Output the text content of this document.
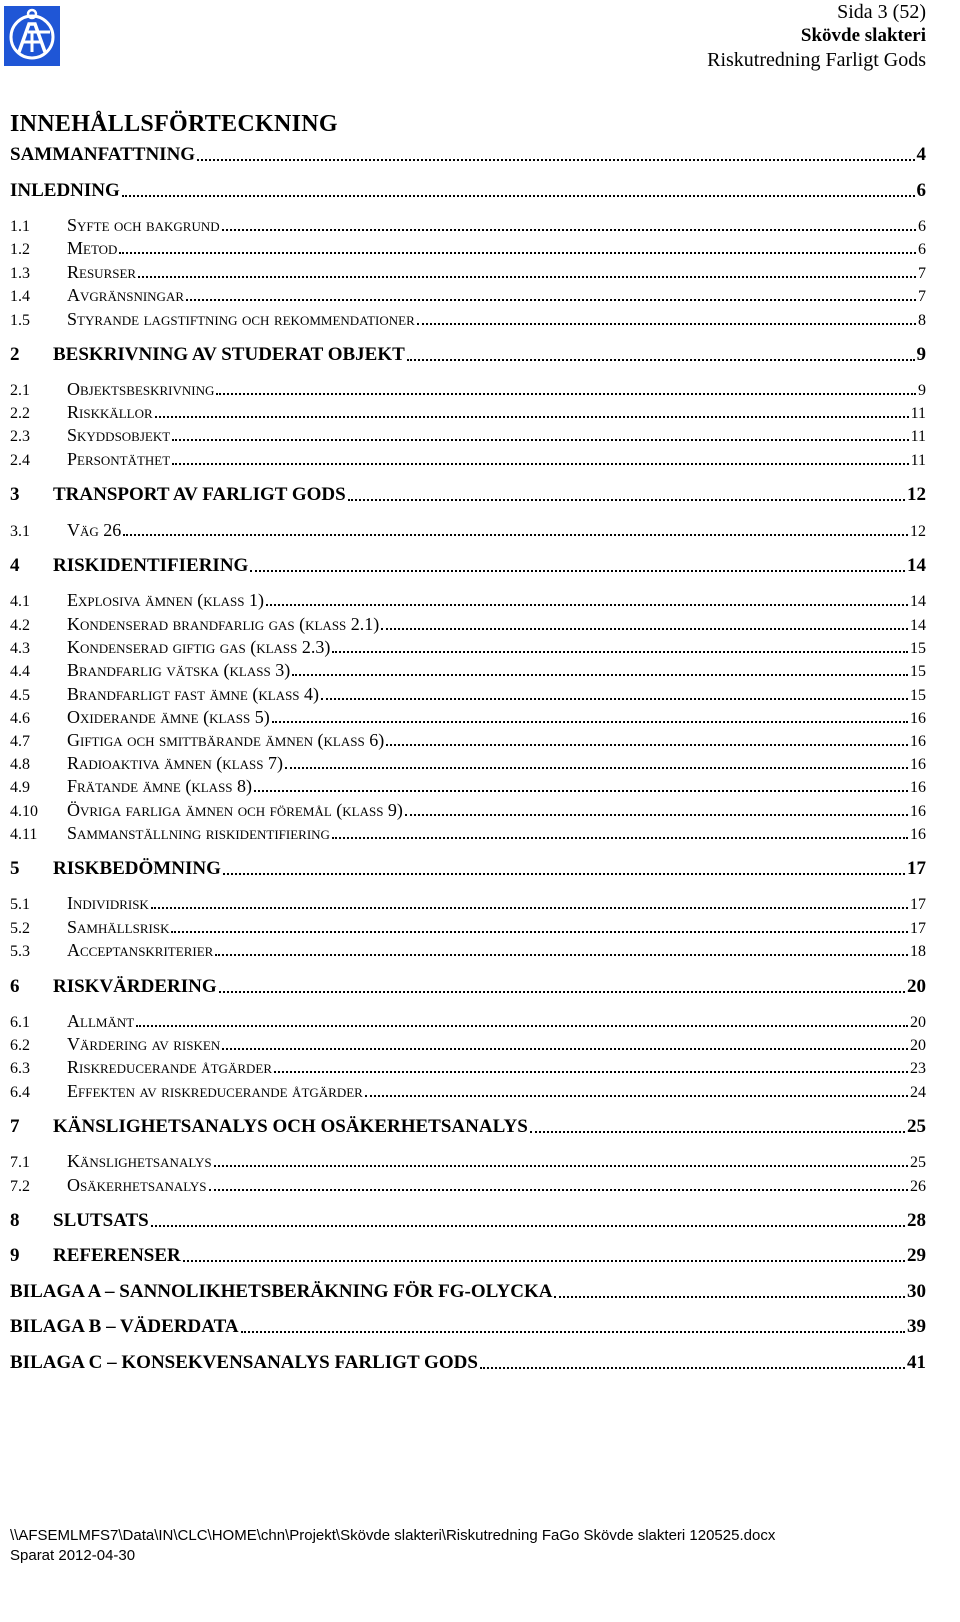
Sida 3 (52)
Skövde slakteri
Riskutredning Farligt Gods
INNEHÅLLSFÖRTECKNING
SAMMANFATTNING	4
INLEDNING	6
1.1	Syfte och bakgrund	6
1.2	Metod	6
1.3	Resurser	7
1.4	Avgränsningar	7
1.5	Styrande lagstiftning och rekommendationer	8
2	BESKRIVNING AV STUDERAT OBJEKT	9
2.1	Objektsbeskrivning	9
2.2	Riskkällor	11
2.3	Skyddsobjekt	11
2.4	Persontäthet	11
3	TRANSPORT AV FARLIGT GODS	12
3.1	Väg 26	12
4	RISKIDENTIFIERING	14
4.1	Explosiva ämnen (klass 1)	14
4.2	Kondenserad brandfarlig gas (klass 2.1)	14
4.3	Kondenserad giftig gas (klass 2.3)	15
4.4	Brandfarlig vätska (klass 3)	15
4.5	Brandfarligt fast ämne (klass 4)	15
4.6	Oxiderande ämne (klass 5)	16
4.7	Giftiga och smittbärande ämnen (klass 6)	16
4.8	Radioaktiva ämnen (klass 7)	16
4.9	Frätande ämne (klass 8)	16
4.10	Övriga farliga ämnen och föremål (klass 9)	16
4.11	Sammanställning riskidentifiering	16
5	RISKBEDÖMNING	17
5.1	Individrisk	17
5.2	Samhällsrisk	17
5.3	Acceptanskriterier	18
6	RISKVÄRDERING	20
6.1	Allmänt	20
6.2	Värdering av risken	20
6.3	Riskreducerande åtgärder	23
6.4	Effekten av riskreducerande åtgärder	24
7	KÄNSLIGHETSANALYS OCH OSÄKERHETSANALYS	25
7.1	Känslighetsanalys	25
7.2	Osäkerhetsanalys	26
8	SLUTSATS	28
9	REFERENSER	29
BILAGA A – SANNOLIKHETSBERÄKNING FÖR FG-OLYCKA	30
BILAGA B – VÄDERDATA	39
BILAGA C – KONSEKVENSANALYS FARLIGT GODS	41
\\AFSEMLMFS7\Data\IN\CLC\HOME\chn\Projekt\Skövde slakteri\Riskutredning FaGo Skövde slakteri 120525.docx
Sparat 2012-04-30
